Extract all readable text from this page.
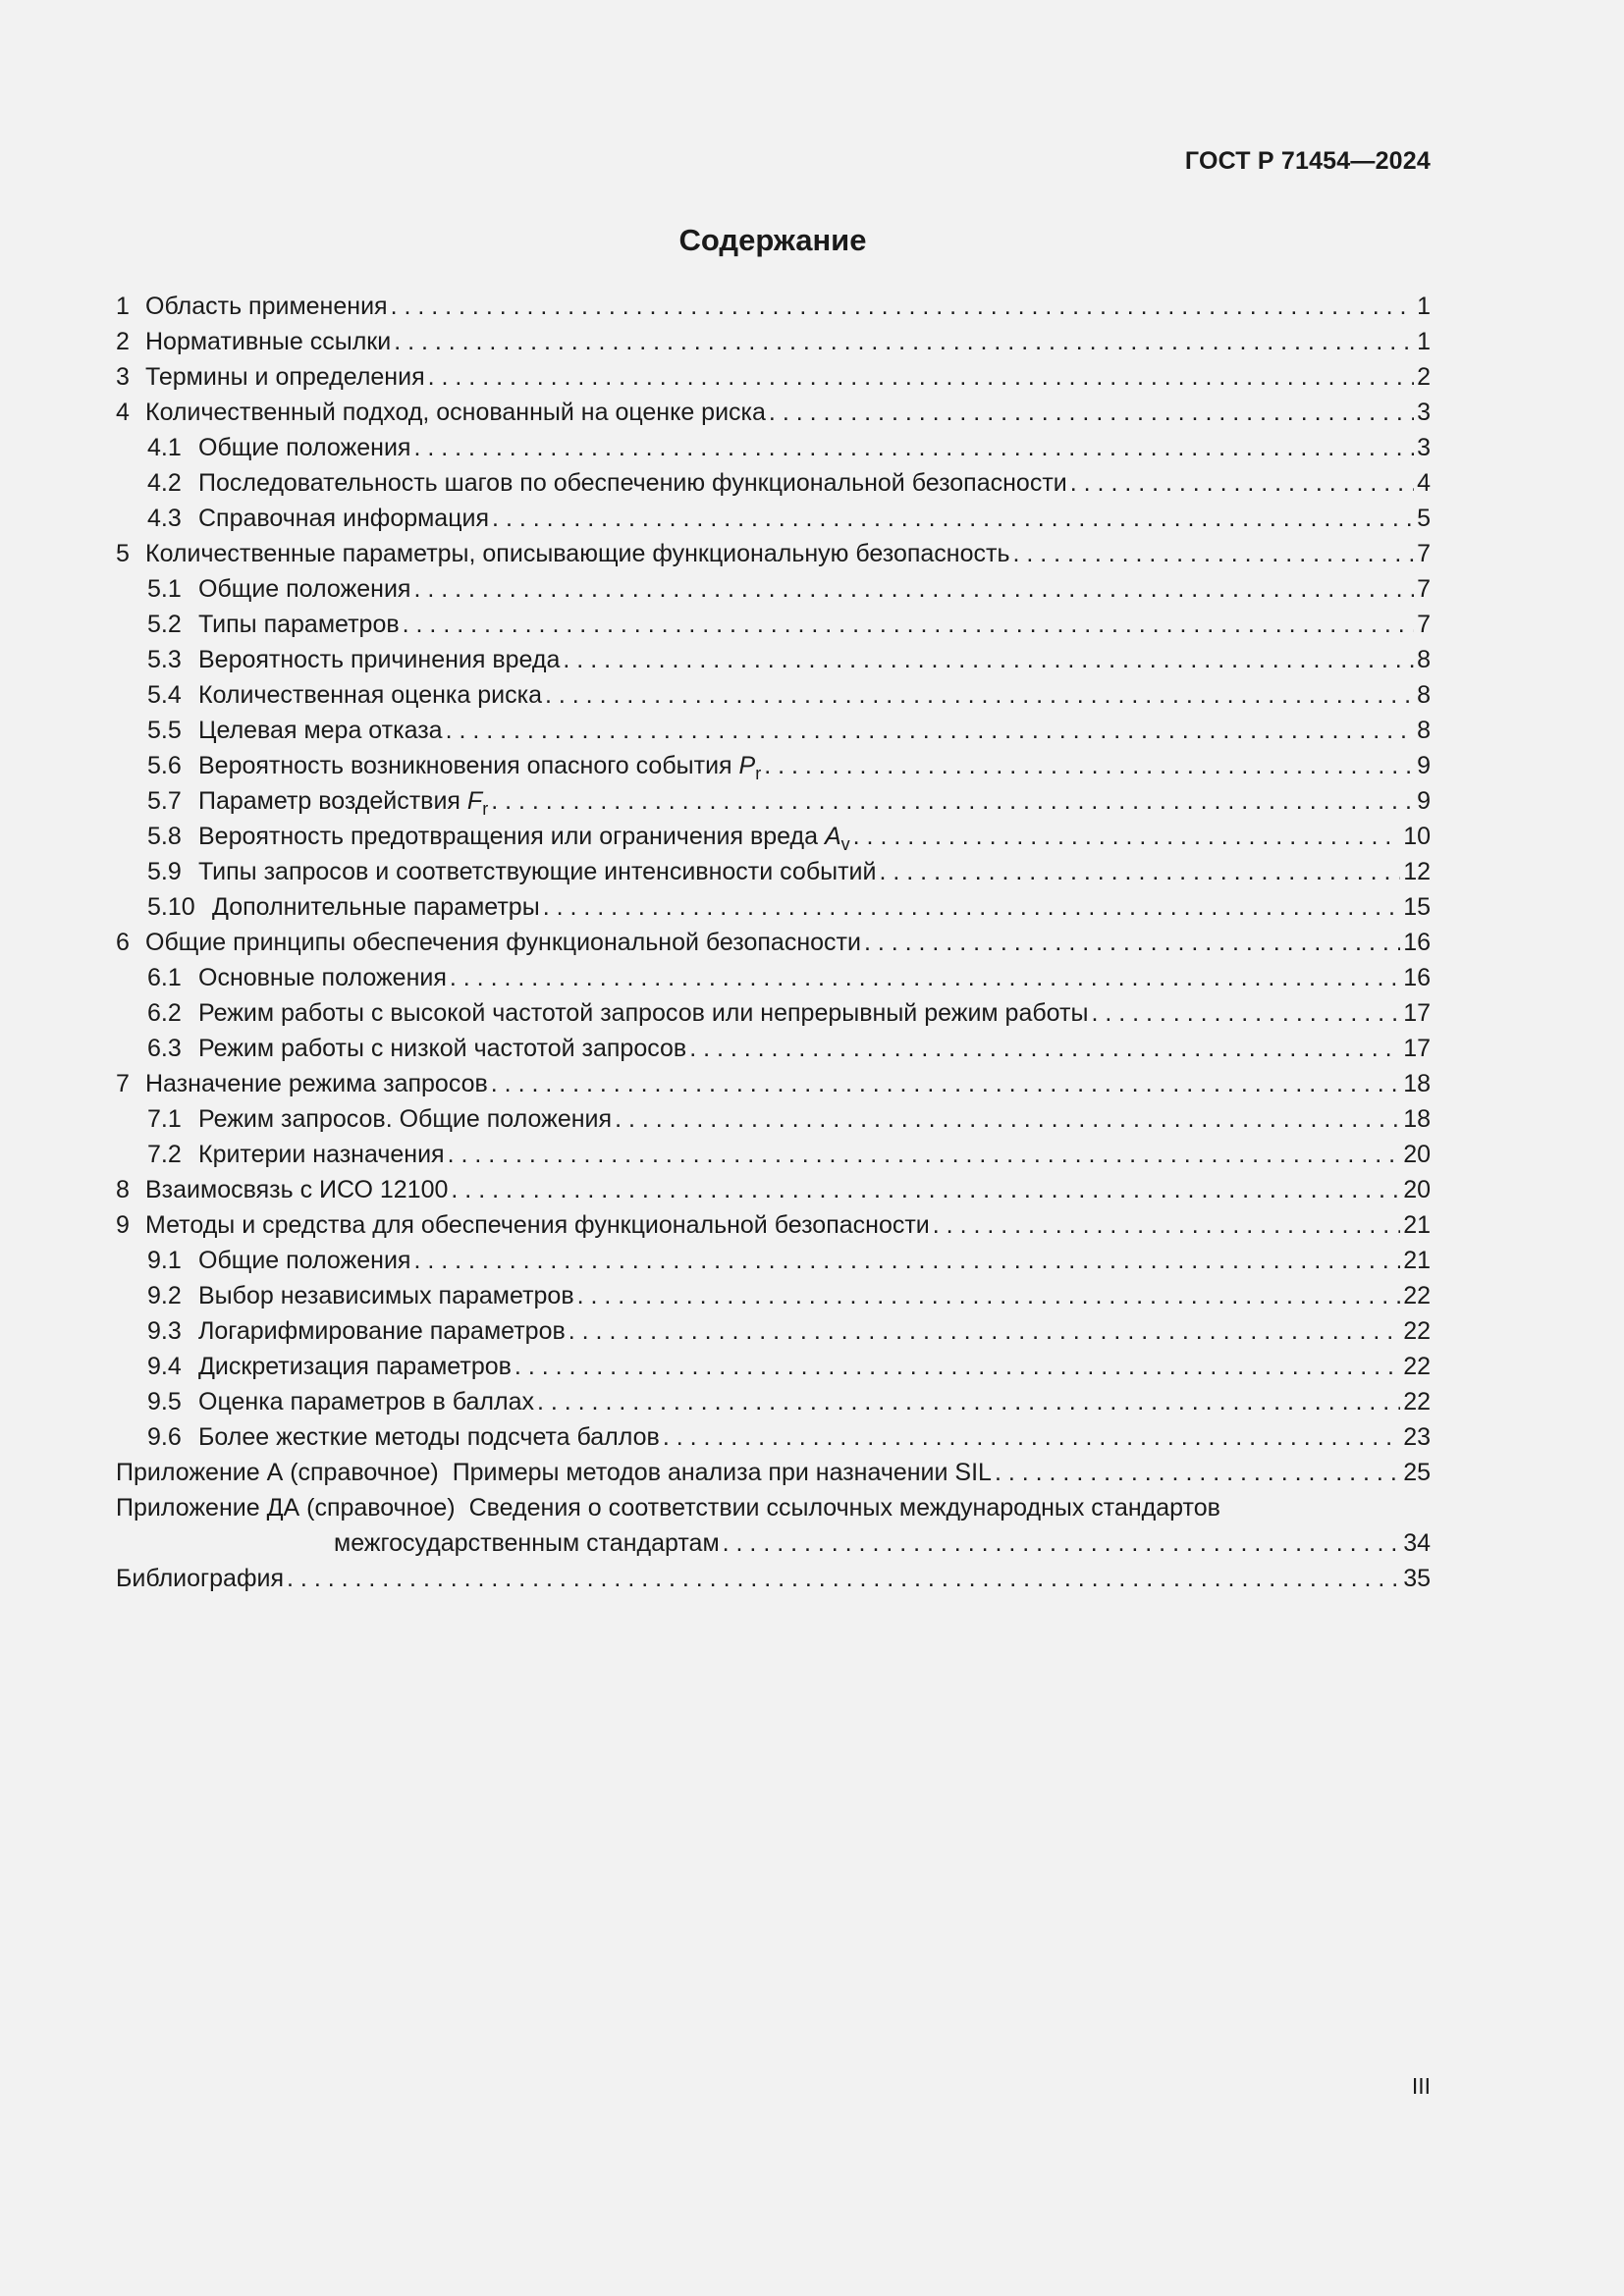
ГОСТ Р 71454—2024
Содержание
1 Область применения . . .	1
2 Нормативные ссылки . . .	1
3 Термины и определения . . .	2
4 Количественный подход, основанный на оценке риска . . .	3
4.1 Общие положения . . .	3
4.2 Последовательность шагов по обеспечению функциональной безопасности . . .	4
4.3 Справочная информация . . .	5
5 Количественные параметры, описывающие функциональную безопасность . . .	7
5.1 Общие положения . . .	7
5.2 Типы параметров . . .	7
5.3 Вероятность причинения вреда . . .	8
5.4 Количественная оценка риска . . .	8
5.5 Целевая мера отказа . . .	8
5.6 Вероятность возникновения опасного события $P_r$ . . .	9
5.7 Параметр воздействия $F_r$ . . .	9
5.8 Вероятность предотвращения или ограничения вреда $A_v$ . . .	10
5.9 Типы запросов и соответствующие интенсивности событий . . .	12
5.10 Дополнительные параметры . . .	15
6 Общие принципы обеспечения функциональной безопасности . . .	16
6.1 Основные положения . . .	16
6.2 Режим работы с высокой частотой запросов или непрерывный режим работы . . .	17
6.3 Режим работы с низкой частотой запросов . . .	17
7 Назначение режима запросов . . .	18
7.1 Режим запросов. Общие положения . . .	18
7.2 Критерии назначения . . .	20
8 Взаимосвязь с ИСО 12100 . . .	20
9 Методы и средства для обеспечения функциональной безопасности . . .	21
9.1 Общие положения . . .	21
9.2 Выбор независимых параметров . . .	22
9.3 Логарифмирование параметров . . .	22
9.4 Дискретизация параметров . . .	22
9.5 Оценка параметров в баллах . . .	22
9.6 Более жесткие методы подсчета баллов . . .	23
Приложение А (справочное) Примеры методов анализа при назначении SIL . . .	25
Приложение ДА (справочное) Сведения о соответствии ссылочных международных стандартов
межгосударственным стандартам . . .	34
Библиография . . .	35
III
